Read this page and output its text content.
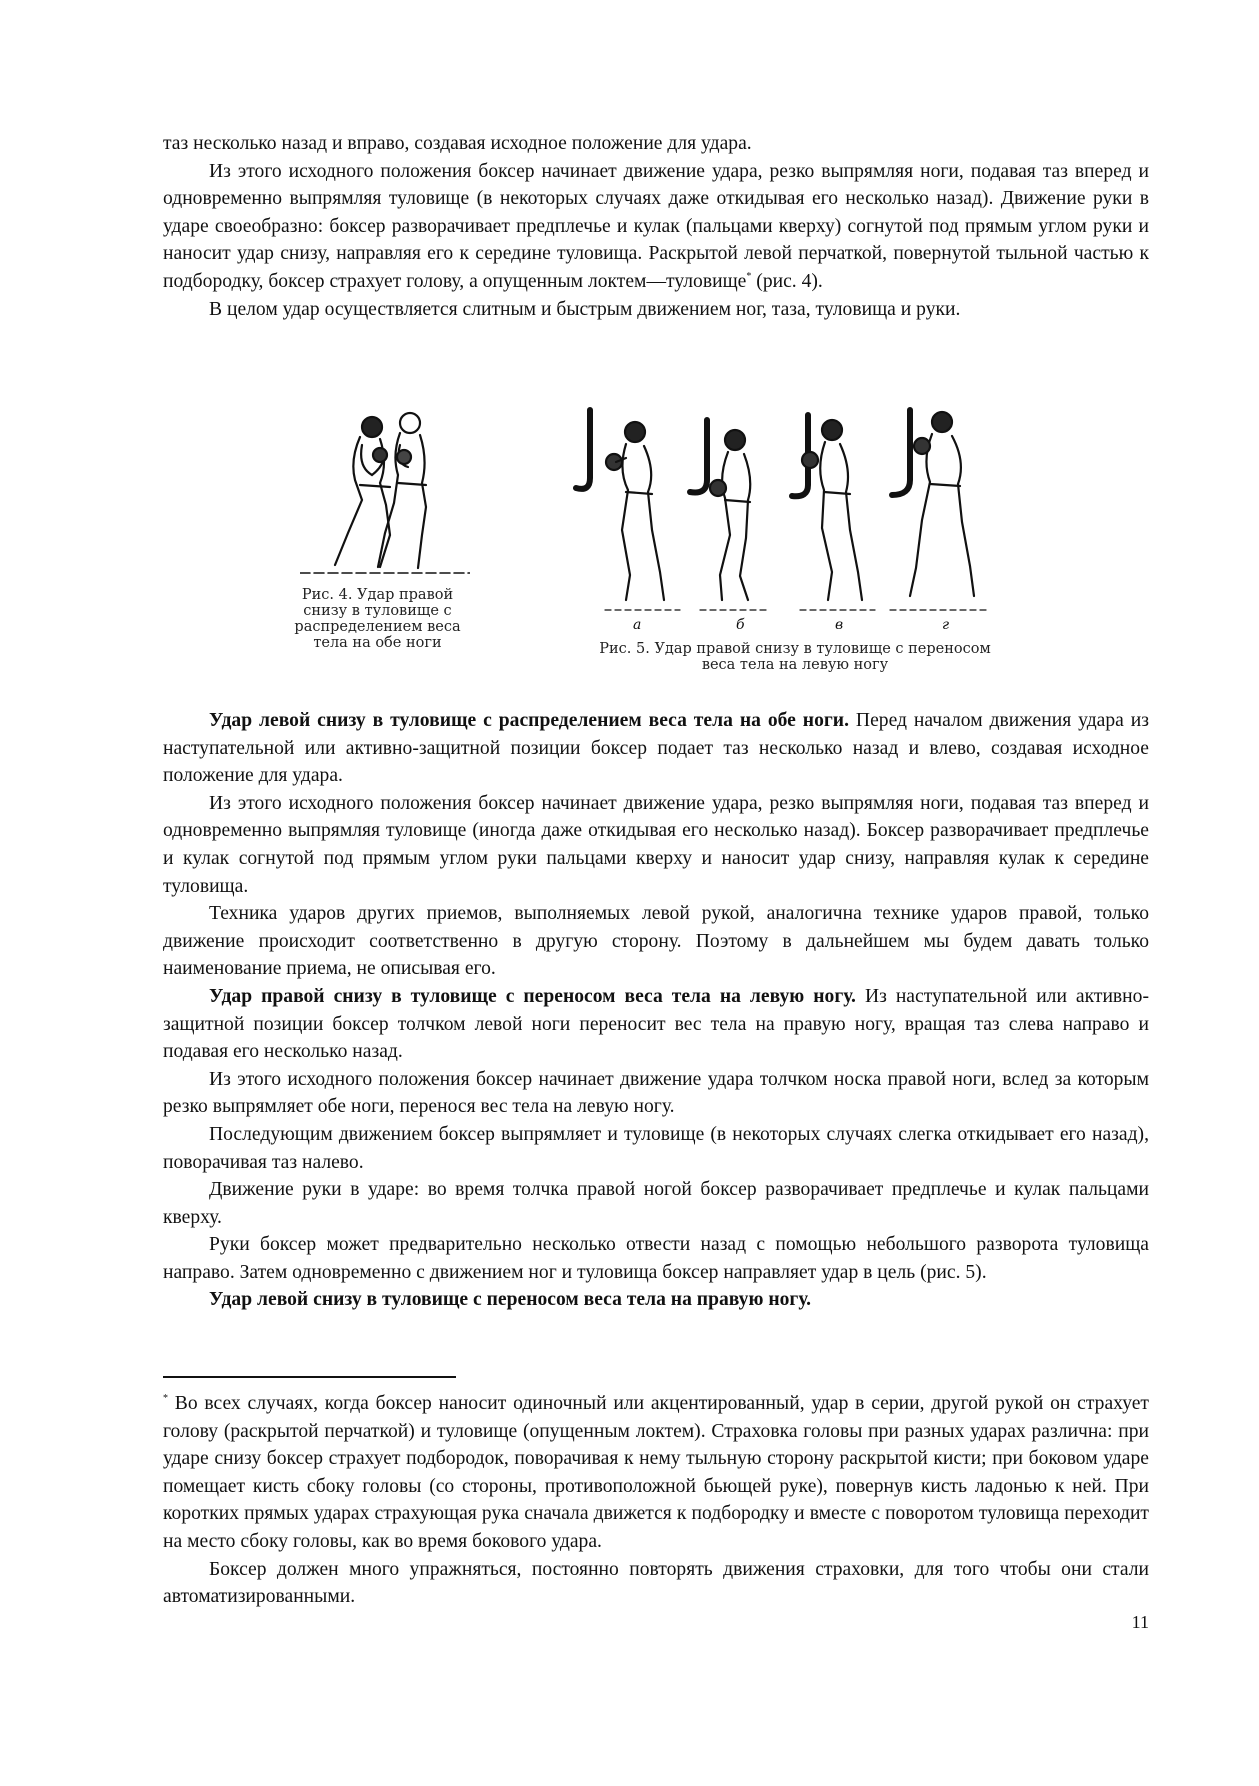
таз несколько назад и вправо, создавая исходное положение для удара.

Из этого исходного положения боксер начинает движение удара, резко выпрямляя ноги, подавая таз вперед и одновременно выпрямляя туловище (в некоторых случаях даже откидывая его несколько назад). Движение руки в ударе своеобразно: боксер разворачивает предплечье и кулак (пальцами кверху) согнутой под прямым углом руки и наносит удар снизу, направляя его к середине туловища. Раскрытой левой перчаткой, повернутой тыльной частью к подбородку, боксер страхует голову, а опущенным локтем—туловище* (рис. 4).

В целом удар осуществляется слитным и быстрым движением ног, таза, туловища и руки.

Рис. 4. Удар правой снизу в туловище с распределением веса тела на обе ноги
а	б	в	г
Рис. 5. Удар правой снизу в туловище с переносом
веса тела на левую ногу

Удар левой снизу в туловище с распределением веса тела на обе ноги. Перед началом движения удара из наступательной или активно-защитной позиции боксер подает таз несколько назад и влево, создавая исходное положение для удара.

Из этого исходного положения боксер начинает движение удара, резко выпрямляя ноги, подавая таз вперед и одновременно выпрямляя туловище (иногда даже откидывая его несколько назад). Боксер разворачивает предплечье и кулак согнутой под прямым углом руки пальцами кверху и наносит удар снизу, направляя кулак к середине туловища.

Техника ударов других приемов, выполняемых левой рукой, аналогична технике ударов правой, только движение происходит соответственно в другую сторону. Поэтому в дальнейшем мы будем давать только наименование приема, не описывая его.

Удар правой снизу в туловище с переносом веса тела на левую ногу. Из наступательной или активно-защитной позиции боксер толчком левой ноги переносит вес тела на правую ногу, вращая таз слева направо и подавая его несколько назад.

Из этого исходного положения боксер начинает движение удара толчком носка правой ноги, вслед за которым резко выпрямляет обе ноги, перенося вес тела на левую ногу.

Последующим движением боксер выпрямляет и туловище (в некоторых случаях слегка откидывает его назад), поворачивая таз налево.

Движение руки в ударе: во время толчка правой ногой боксер разворачивает предплечье и кулак пальцами кверху.

Руки боксер может предварительно несколько отвести назад с помощью небольшого разворота туловища направо. Затем одновременно с движением ног и туловища боксер направляет удар в цель (рис. 5).

Удар левой снизу в туловище с переносом веса тела на правую ногу.

* Во всех случаях, когда боксер наносит одиночный или акцентированный, удар в серии, другой рукой он страхует голову (раскрытой перчаткой) и туловище (опущенным локтем). Страховка головы при разных ударах различна: при ударе снизу боксер страхует подбородок, поворачивая к нему тыльную сторону раскрытой кисти; при боковом ударе помещает кисть сбоку головы (со стороны, противоположной бьющей руке), повернув кисть ладонью к ней. При коротких прямых ударах страхующая рука сначала движется к подбородку и вместе с поворотом туловища переходит на место сбоку головы, как во время бокового удара.

Боксер должен много упражняться, постоянно повторять движения страховки, для того чтобы они стали автоматизированными.

11
